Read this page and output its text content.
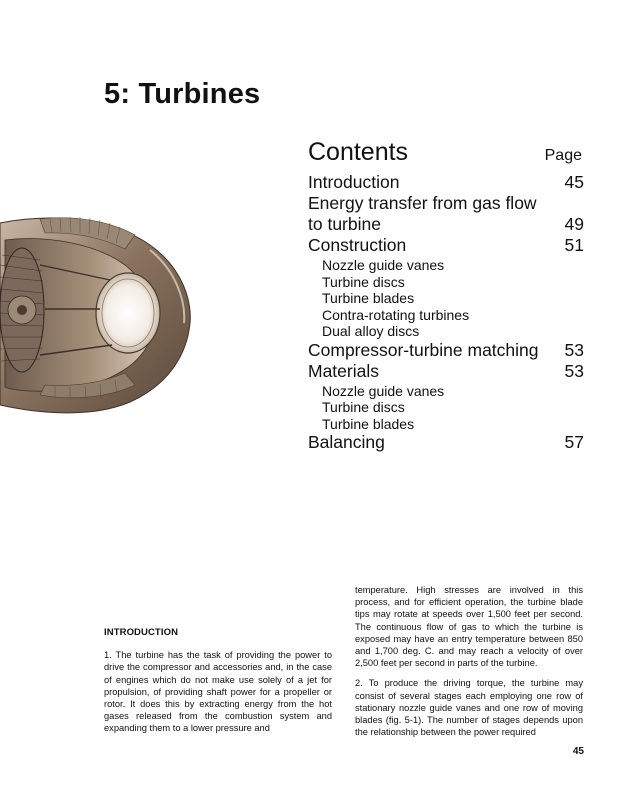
5: Turbines
Contents	Page
Introduction	45
Energy transfer from gas flow
to turbine	49
Construction	51
Nozzle guide vanes
Turbine discs
Turbine blades
Contra-rotating turbines
Dual alloy discs
Compressor-turbine matching 53
Materials	53
Nozzle guide vanes
Turbine discs
Turbine blades
Balancing	57
INTRODUCTION

1. The turbine has the task of providing the power to drive the compressor and accessories and, in the case of engines which do not make use solely of a jet for propulsion, of providing shaft power for a propeller or rotor. It does this by extracting energy from the hot gases released from the combustion system and expanding them to a lower pressure and

temperature. High stresses are involved in this process, and for efficient operation, the turbine blade tips may rotate at speeds over 1,500 feet per second. The continuous flow of gas to which the turbine is exposed may have an entry temperature between 850 and 1,700 deg. C. and may reach a velocity of over 2,500 feet per second in parts of the turbine.

2. To produce the driving torque, the turbine may consist of several stages each employing one row of stationary nozzle guide vanes and one row of moving blades (fig. 5-1). The number of stages depends upon the relationship between the power required

45
